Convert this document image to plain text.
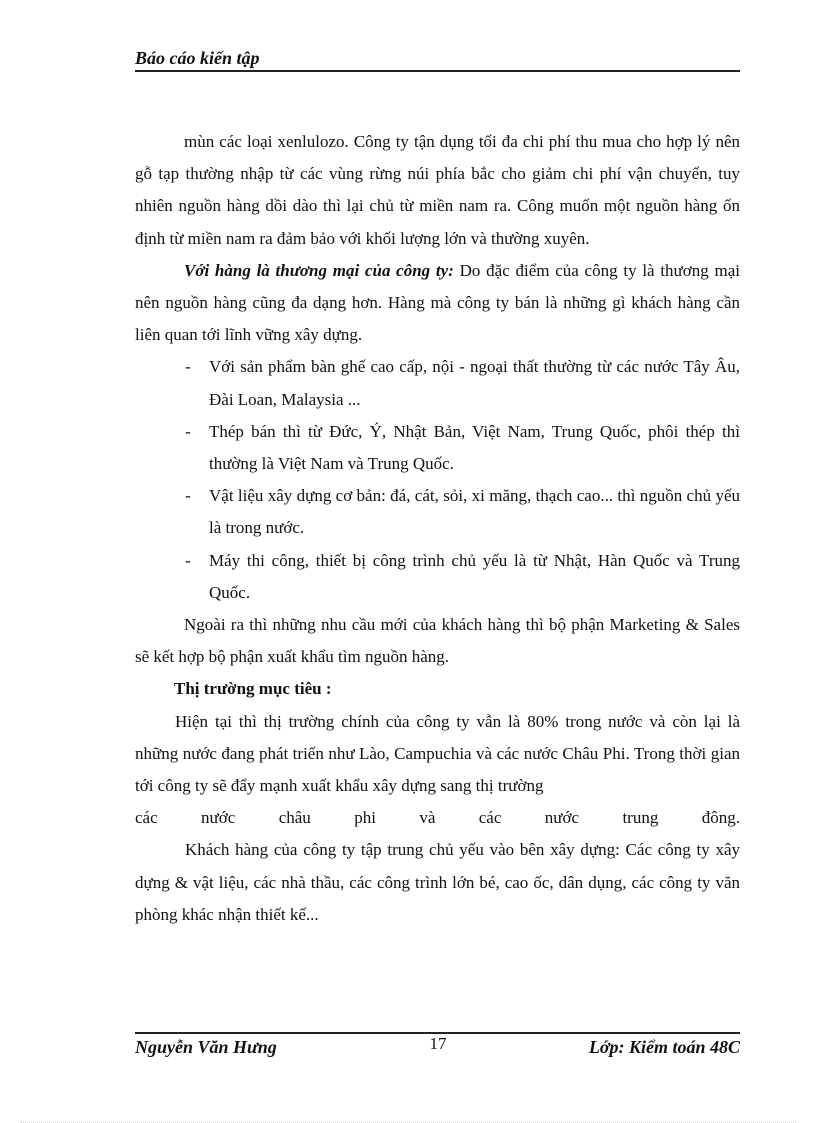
Báo cáo kiến tập

mùn các loại xenlulozo. Công ty tận dụng tối đa chi phí thu mua cho hợp lý nên gỗ tạp thường nhập từ các vùng rừng núi phía bắc cho giảm chi phí vận chuyển, tuy nhiên nguồn hàng dồi dào thì lại chủ từ miền nam ra. Công muốn một nguồn hàng ổn định từ miền nam ra đảm bảo với khối lượng lớn và thường xuyên.

Với hàng là thương mại của công ty: Do đặc điểm của công ty là thương mại nên nguồn hàng cũng đa dạng hơn. Hàng mà công ty bán là những gì khách hàng cần liên quan tới lĩnh vững xây dựng.

- Với sản phẩm bàn ghế cao cấp, nội - ngoại thất thường từ các nước Tây Âu, Đài Loan, Malaysia ...
- Thép bán thì từ Đức, Ý, Nhật Bản, Việt Nam, Trung Quốc, phôi thép thì thường là Việt Nam và Trung Quốc.
- Vật liệu xây dựng cơ bản: đá, cát, sỏi, xi măng, thạch cao... thì nguồn chủ yếu là trong nước.
- Máy thi công, thiết bị công trình chủ yếu là từ Nhật, Hàn Quốc và Trung Quốc.

Ngoài ra thì những nhu cầu mới của khách hàng thì bộ phận Marketing & Sales sẽ kết hợp bộ phận xuất khẩu tìm nguồn hàng.

Thị trường mục tiêu :

Hiện tại thì thị trường chính của công ty vẫn là 80% trong nước và còn lại là những nước đang phát triển như Lào, Campuchia và các nước Châu Phi. Trong thời gian tới công ty sẽ đẩy mạnh xuất khẩu xây dựng sang thị trường

các nước châu phi và các nước trung đông.

Khách hàng của công ty tập trung chủ yếu vào bên xây dựng: Các công ty xây dựng & vật liệu, các nhà thầu, các công trình lớn bé, cao ốc, dân dụng, các công ty văn phòng khác nhận thiết kế...

Nguyễn Văn Hưng	17	Lớp: Kiểm toán 48C
